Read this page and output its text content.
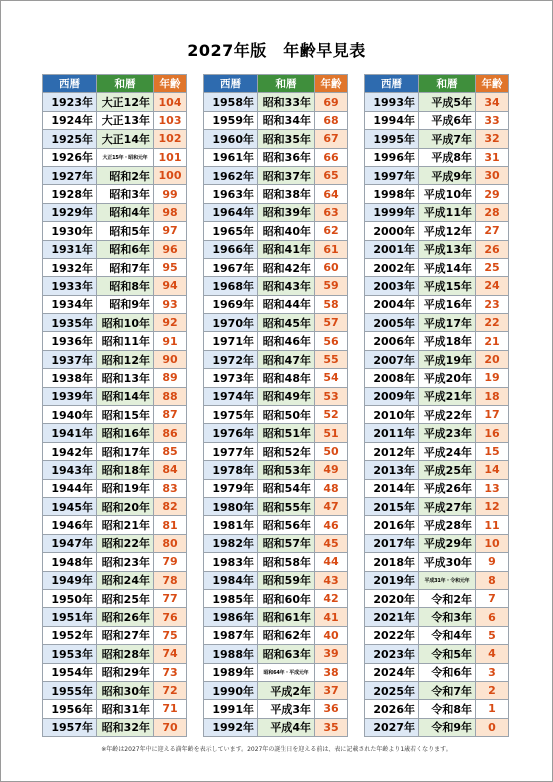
2027年版　年齢早見表
西暦	和暦	年齢
1923年	大正12年	104
1924年	大正13年	103
1925年	大正14年	102
1926年	大正15年・昭和元年	101
1927年	昭和2年	100
1928年	昭和3年	99
1929年	昭和4年	98
1930年	昭和5年	97
1931年	昭和6年	96
1932年	昭和7年	95
1933年	昭和8年	94
1934年	昭和9年	93
1935年	昭和10年	92
1936年	昭和11年	91
1937年	昭和12年	90
1938年	昭和13年	89
1939年	昭和14年	88
1940年	昭和15年	87
1941年	昭和16年	86
1942年	昭和17年	85
1943年	昭和18年	84
1944年	昭和19年	83
1945年	昭和20年	82
1946年	昭和21年	81
1947年	昭和22年	80
1948年	昭和23年	79
1949年	昭和24年	78
1950年	昭和25年	77
1951年	昭和26年	76
1952年	昭和27年	75
1953年	昭和28年	74
1954年	昭和29年	73
1955年	昭和30年	72
1956年	昭和31年	71
1957年	昭和32年	70
西暦	和暦	年齢
1958年	昭和33年	69
1959年	昭和34年	68
1960年	昭和35年	67
1961年	昭和36年	66
1962年	昭和37年	65
1963年	昭和38年	64
1964年	昭和39年	63
1965年	昭和40年	62
1966年	昭和41年	61
1967年	昭和42年	60
1968年	昭和43年	59
1969年	昭和44年	58
1970年	昭和45年	57
1971年	昭和46年	56
1972年	昭和47年	55
1973年	昭和48年	54
1974年	昭和49年	53
1975年	昭和50年	52
1976年	昭和51年	51
1977年	昭和52年	50
1978年	昭和53年	49
1979年	昭和54年	48
1980年	昭和55年	47
1981年	昭和56年	46
1982年	昭和57年	45
1983年	昭和58年	44
1984年	昭和59年	43
1985年	昭和60年	42
1986年	昭和61年	41
1987年	昭和62年	40
1988年	昭和63年	39
1989年	昭和64年・平成元年	38
1990年	平成2年	37
1991年	平成3年	36
1992年	平成4年	35
西暦	和暦	年齢
1993年	平成5年	34
1994年	平成6年	33
1995年	平成7年	32
1996年	平成8年	31
1997年	平成9年	30
1998年	平成10年	29
1999年	平成11年	28
2000年	平成12年	27
2001年	平成13年	26
2002年	平成14年	25
2003年	平成15年	24
2004年	平成16年	23
2005年	平成17年	22
2006年	平成18年	21
2007年	平成19年	20
2008年	平成20年	19
2009年	平成21年	18
2010年	平成22年	17
2011年	平成23年	16
2012年	平成24年	15
2013年	平成25年	14
2014年	平成26年	13
2015年	平成27年	12
2016年	平成28年	11
2017年	平成29年	10
2018年	平成30年	9
2019年	平成31年・令和元年	8
2020年	令和2年	7
2021年	令和3年	6
2022年	令和4年	5
2023年	令和5年	4
2024年	令和6年	3
2025年	令和7年	2
2026年	令和8年	1
2027年	令和9年	0
※年齢は2027年中に迎える満年齢を表示しています。2027年の誕生日を迎える前は、表に記載された年齢より1歳若くなります。
